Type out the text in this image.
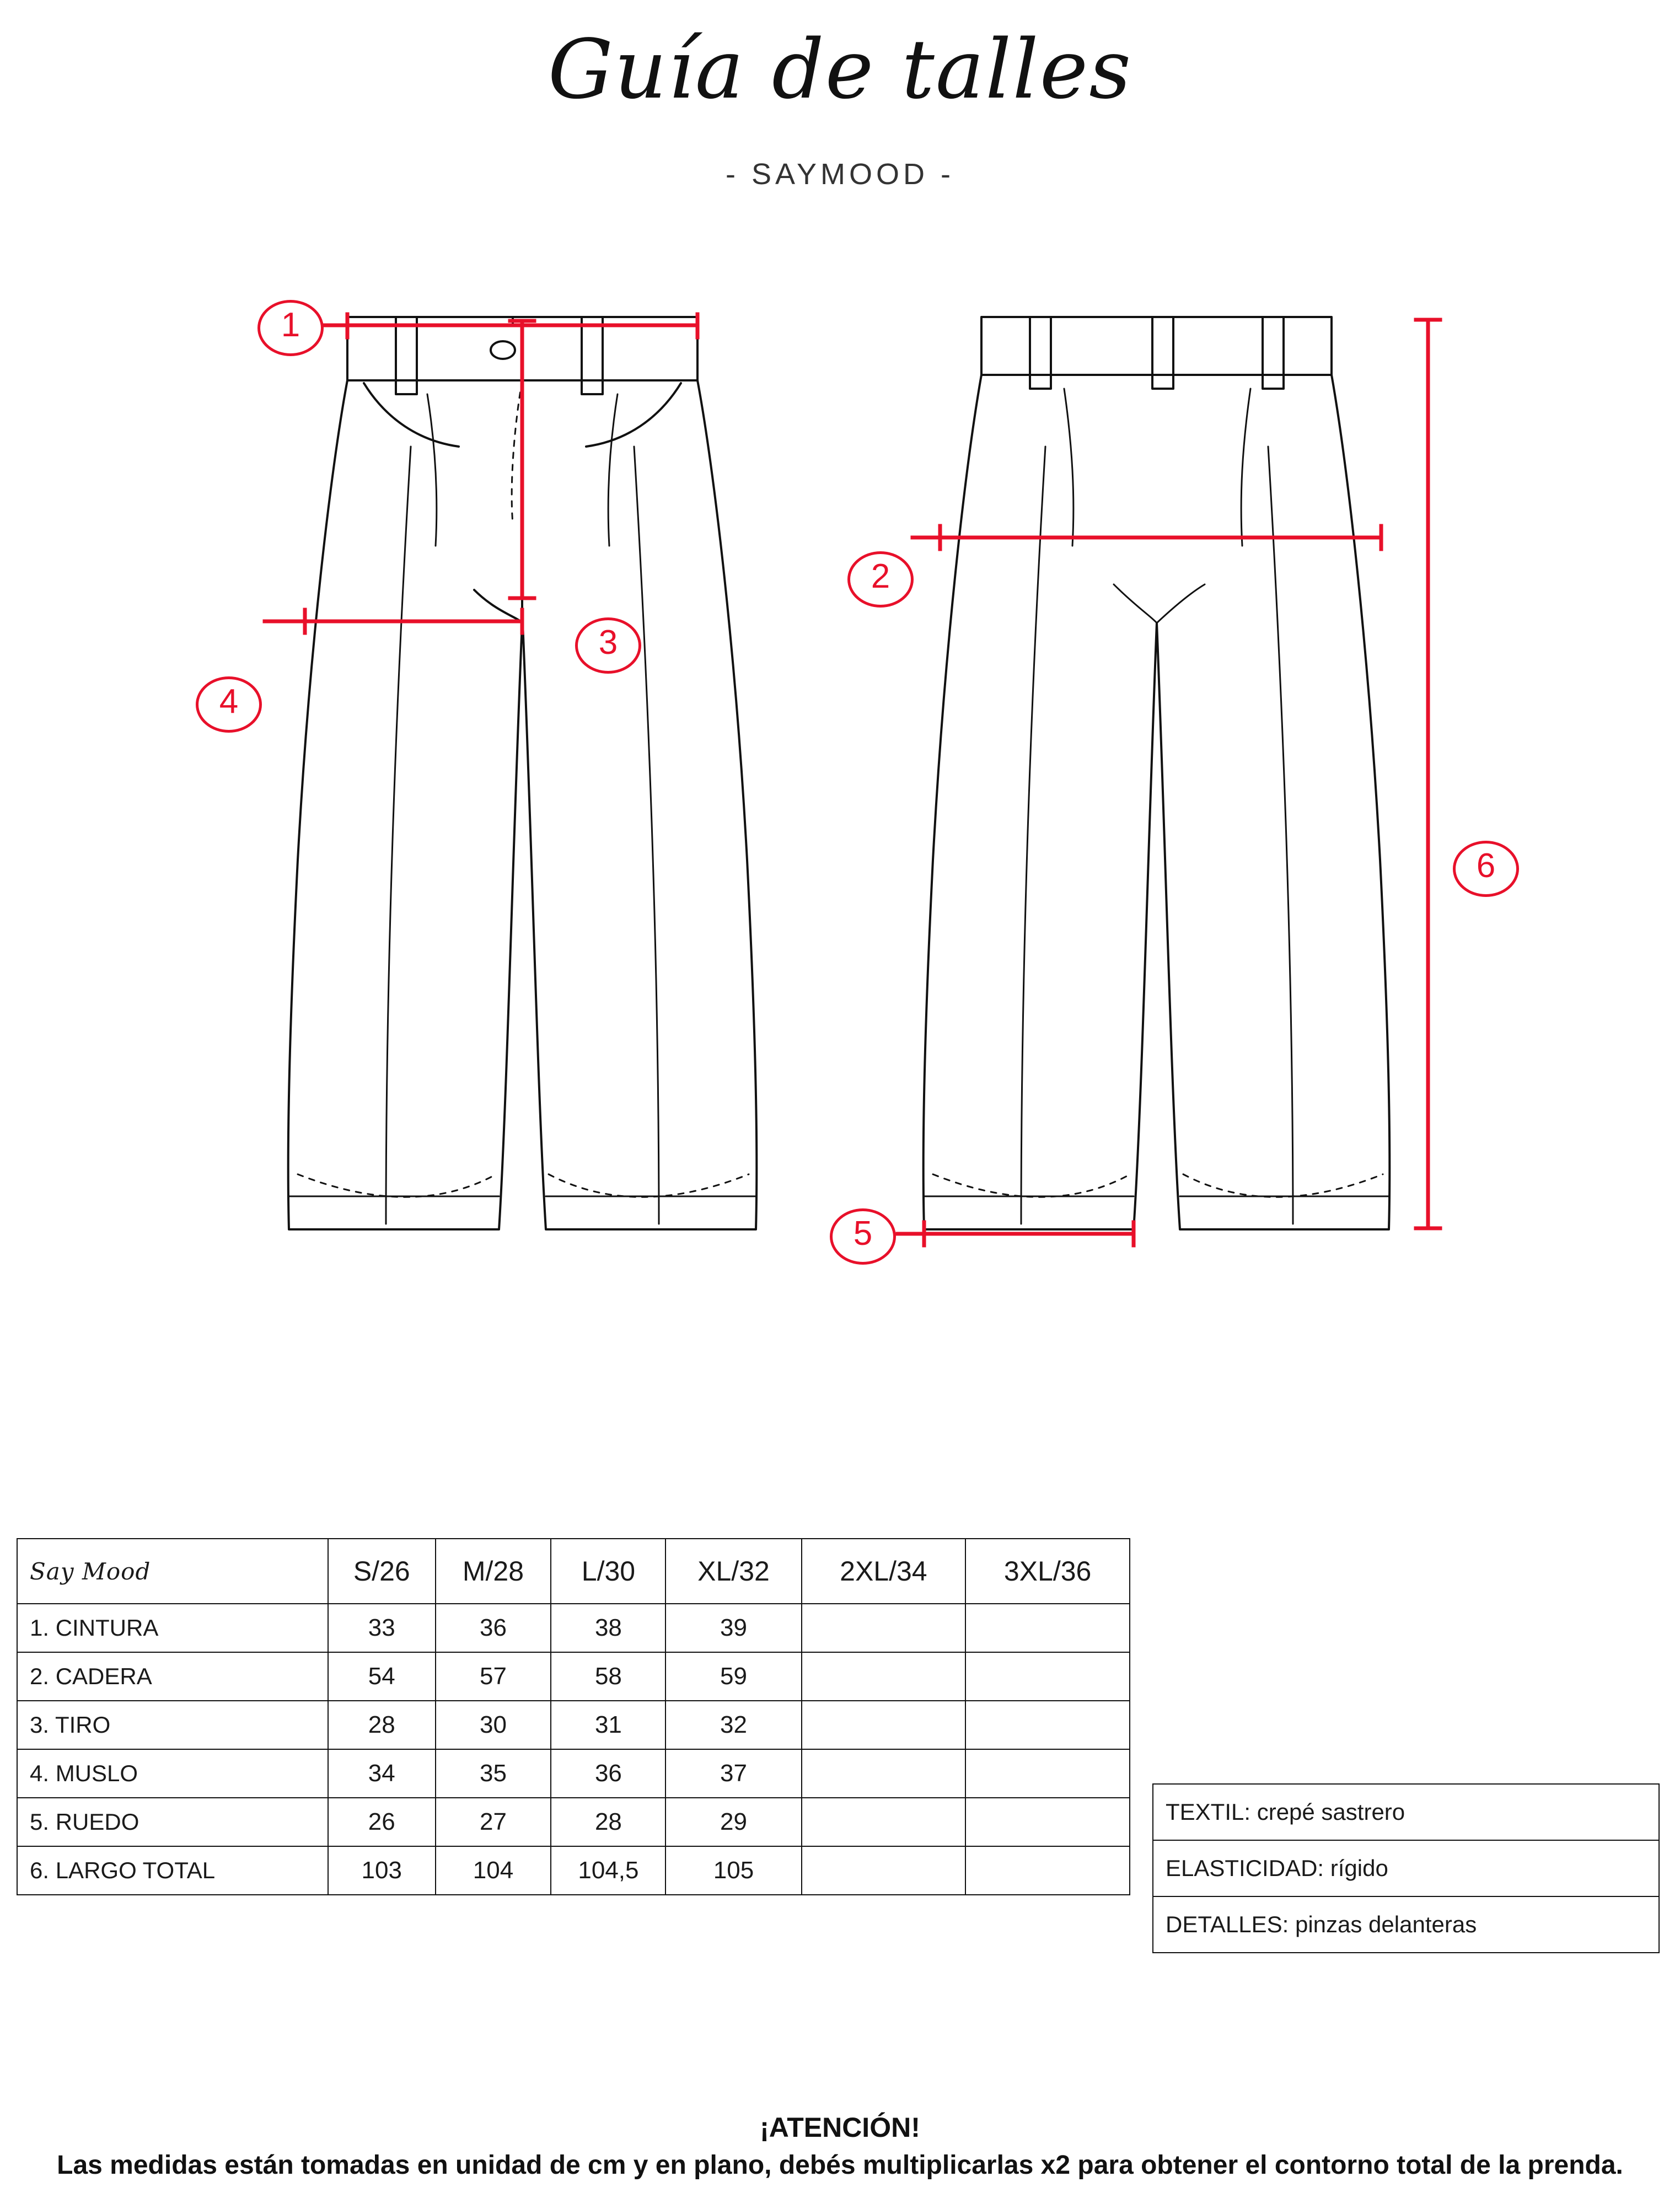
Guía de talles
- SAYMOOD -
1
2
3
4
5
6
Say Mood	S/26	M/28	L/30	XL/32	2XL/34	3XL/36
1. CINTURA	33	36	38	39		
2. CADERA	54	57	58	59		
3. TIRO	28	30	31	32		
4. MUSLO	34	35	36	37		
5. RUEDO	26	27	28	29		
6. LARGO TOTAL	103	104	104,5	105		
TEXTIL: crepé sastrero
ELASTICIDAD: rígido
DETALLES: pinzas delanteras
¡ATENCIÓN!
Las medidas están tomadas en unidad de cm y en plano, debés multiplicarlas x2 para obtener el contorno total de la prenda.
